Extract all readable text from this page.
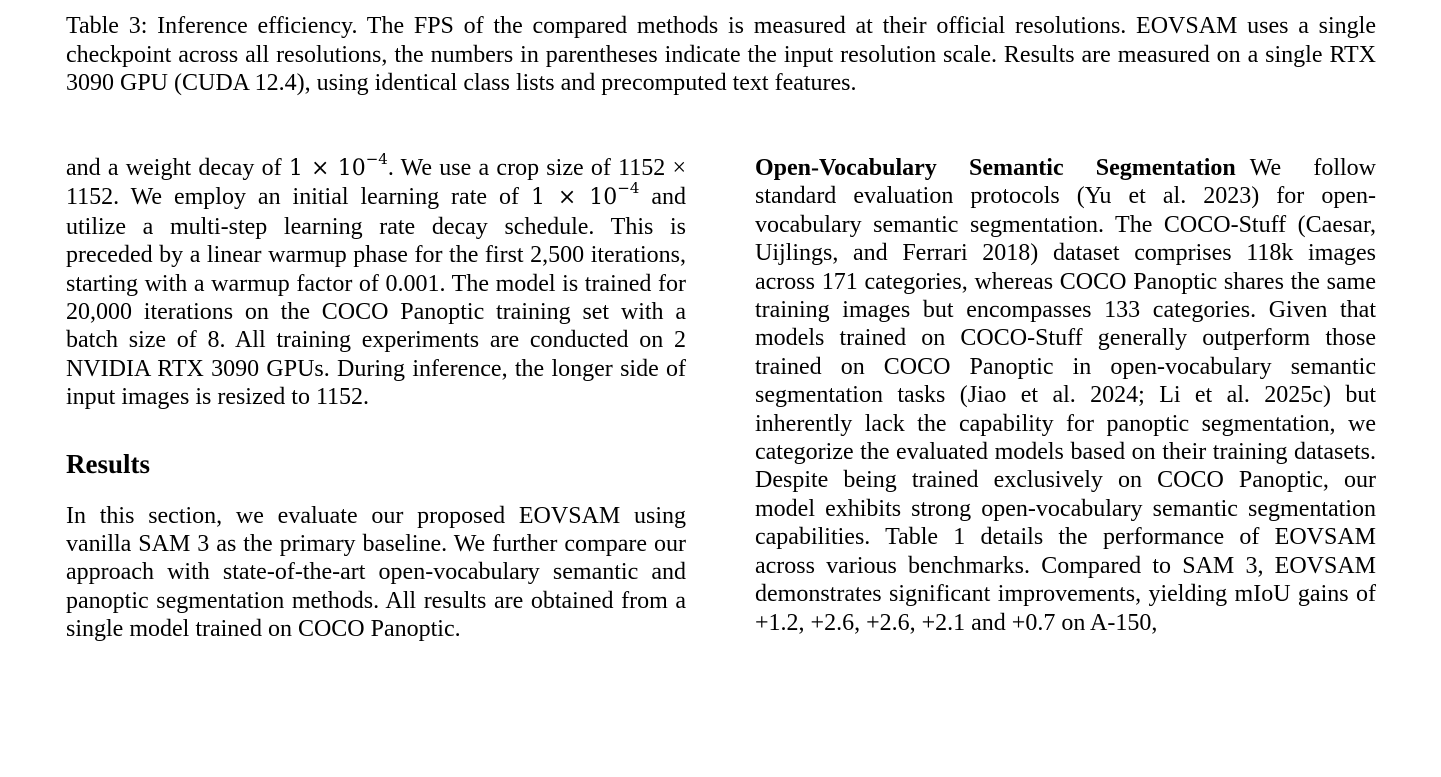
Table 3: Inference efficiency. The FPS of the compared methods is measured at their official resolutions. EOVSAM uses a single checkpoint across all resolutions, the numbers in parentheses indicate the input resolution scale. Results are measured on a single RTX 3090 GPU (CUDA 12.4), using identical class lists and precomputed text features.

and a weight decay of $1 \times 10^{-4}$. We use a crop size of 1152 × 1152. We employ an initial learning rate of $1 \times 10^{-4}$ and utilize a multi-step learning rate decay schedule. This is preceded by a linear warmup phase for the first 2,500 iterations, starting with a warmup factor of 0.001. The model is trained for 20,000 iterations on the COCO Panoptic training set with a batch size of 8. All training experiments are conducted on 2 NVIDIA RTX 3090 GPUs. During inference, the longer side of input images is resized to 1152.

Results

In this section, we evaluate our proposed EOVSAM using vanilla SAM 3 as the primary baseline. We further compare our approach with state-of-the-art open-vocabulary semantic and panoptic segmentation methods. All results are obtained from a single model trained on COCO Panoptic.

Open-Vocabulary Semantic Segmentation We follow standard evaluation protocols (Yu et al. 2023) for open-vocabulary semantic segmentation. The COCO-Stuff (Caesar, Uijlings, and Ferrari 2018) dataset comprises 118k images across 171 categories, whereas COCO Panoptic shares the same training images but encompasses 133 categories. Given that models trained on COCO-Stuff generally outperform those trained on COCO Panoptic in open-vocabulary semantic segmentation tasks (Jiao et al. 2024; Li et al. 2025c) but inherently lack the capability for panoptic segmentation, we categorize the evaluated models based on their training datasets. Despite being trained exclusively on COCO Panoptic, our model exhibits strong open-vocabulary semantic segmentation capabilities. Table 1 details the performance of EOVSAM across various benchmarks. Compared to SAM 3, EOVSAM demonstrates significant improvements, yielding mIoU gains of +1.2, +2.6, +2.6, +2.1 and +0.7 on A-150,
